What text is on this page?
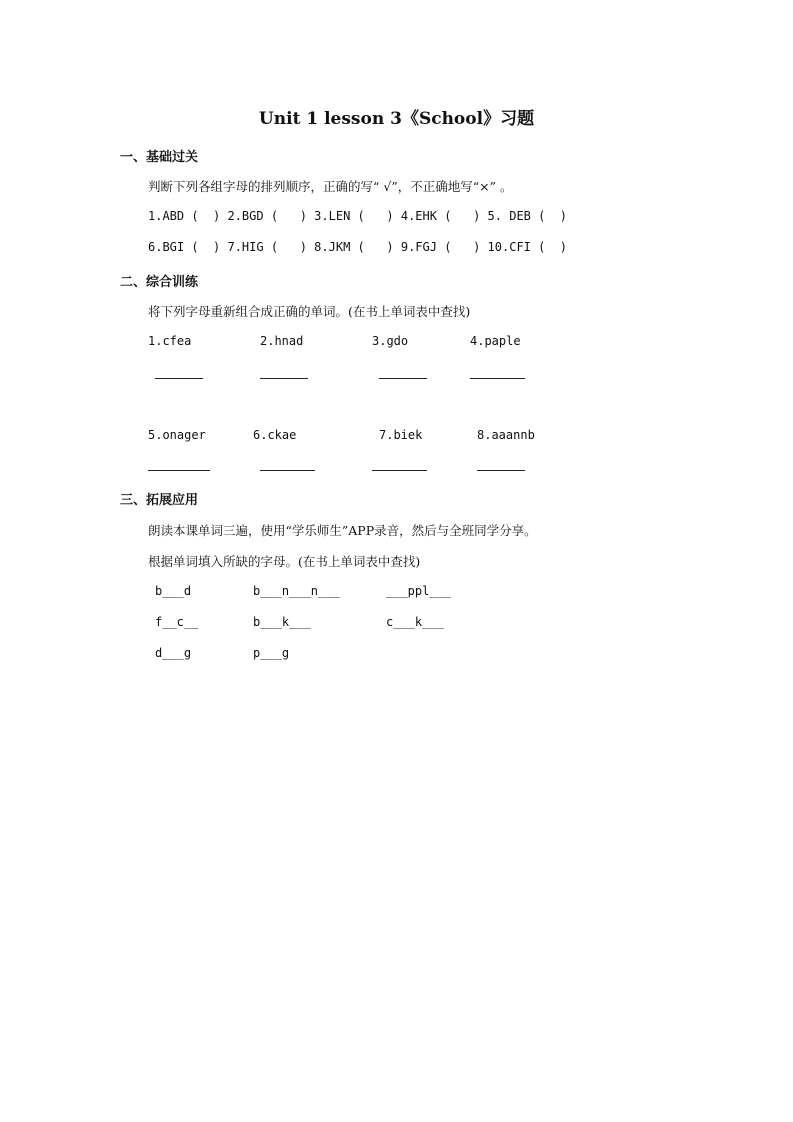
Unit 1 lesson 3《School》习题
一、基础过关
判断下列各组字母的排列顺序，正确的写“ √”，不正确地写“×” 。
1.ABD (  ) 2.BGD (   ) 3.LEN (   ) 4.EHK (   ) 5. DEB (  )
6.BGI (  ) 7.HIG (   ) 8.JKM (   ) 9.FGJ (   ) 10.CFI (  )
二、综合训练
将下列字母重新组合成正确的单词。(在书上单词表中查找)
1.cfea	2.hnad	3.gdo	4.paple
5.onager	6.ckae	7.biek	8.aaannb
三、拓展应用
朗读本课单词三遍，使用“学乐师生”APP录音，然后与全班同学分享。
根据单词填入所缺的字母。(在书上单词表中查找)
b___d	b___n___n___	___ppl___
f__c__	b___k___	c___k___
d___g	p___g
